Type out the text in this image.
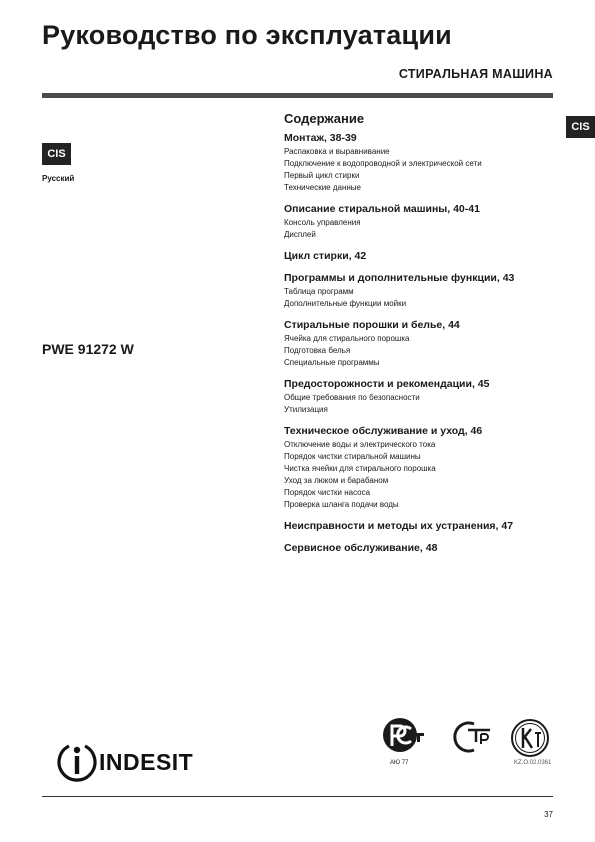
Руководство по эксплуатации
СТИРАЛЬНАЯ МАШИНА
CIS
CIS
Русский
PWE 91272 W
Содержание
Монтаж, 38-39
Распаковка и выравнивание
Подключение к водопроводной и электрической сети
Первый цикл стирки
Технические данные
Описание стиральной машины, 40-41
Консоль управления
Дисплей
Цикл стирки, 42
Программы и дополнительные функции, 43
Таблица программ
Дополнительные функции мойки
Стиральные порошки и белье, 44
Ячейка для стирального порошка
Подготовка белья
Специальные программы
Предосторожности и рекомендации, 45
Общие требования по безопасности
Утилизация
Техническое обслуживание и уход, 46
Отключение воды и электрического тока
Порядок чистки стиральной машины
Чистка ячейки для стирального порошка
Уход за люком и барабаном
Порядок чистки насоса
Проверка шланга подачи воды
Неисправности и методы их устранения, 47
Сервисное обслуживание, 48
АЮ 77	KZ.O.02.0361
INDESIT
37
